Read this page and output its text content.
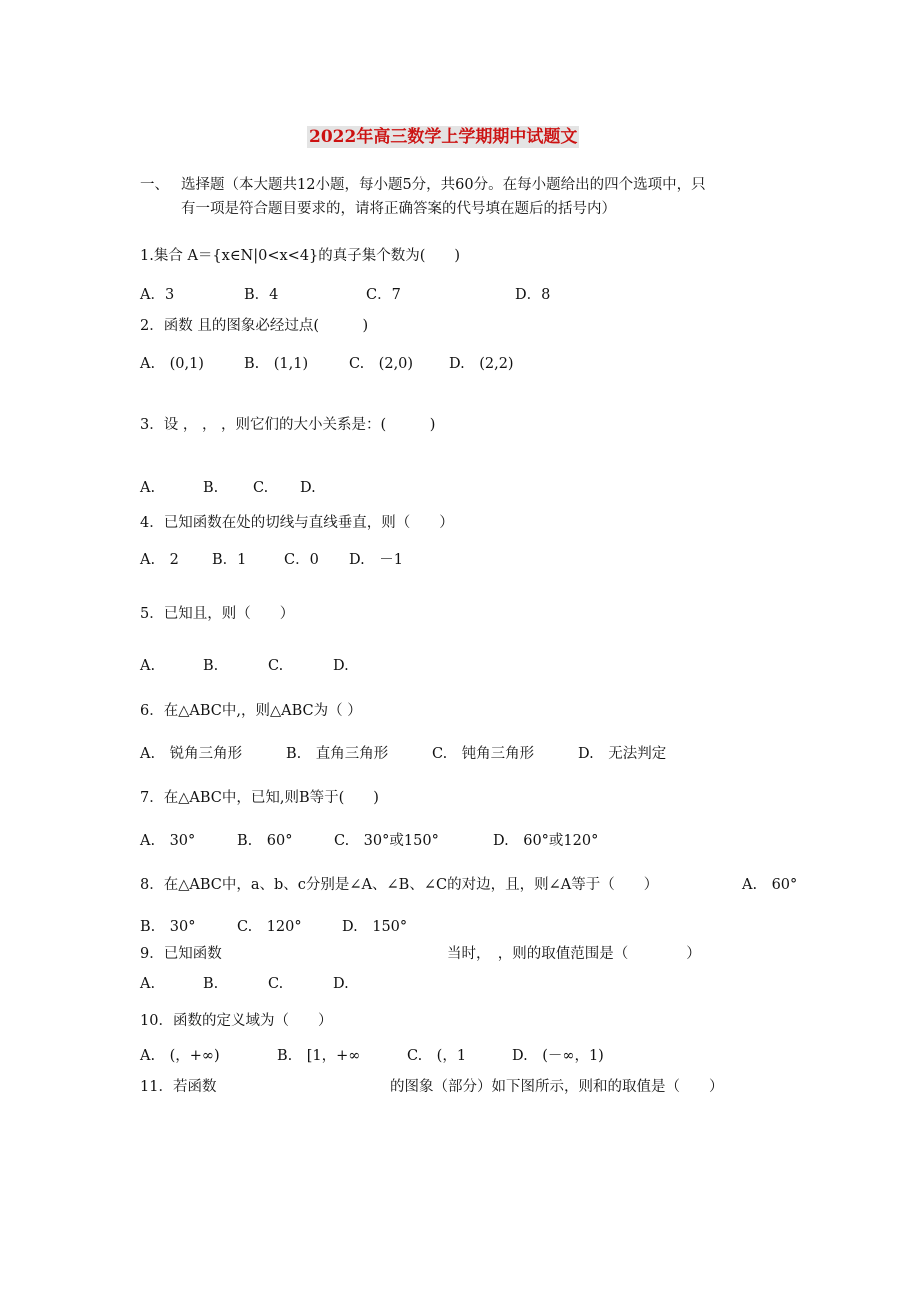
2022年高三数学上学期期中试题文
一、 选择题（本大题共12小题，每小题5分，共60分。在每小题给出的四个选项中，只
有一项是符合题目要求的，请将正确答案的代号填在题后的括号内）
1.集合 A＝{x∈N|0<x<4}的真子集个数为(　　)
A．3	B．4	C．7	D．8
2．函数 且的图象必经过点(　　　)
A.　(0,1)	B.　(1,1)	C.　(2,0) D.　(2,2)
3．设 ， ， ，则它们的大小关系是：(　　　)
A.	B. C. D.
4．已知函数在处的切线与直线垂直，则（　　）
A.　2 B．1	C．0 D.　－1
5．已知且，则（　　）
A.	B.	C.	D.
6．在△ABC中,，则△ABC为（ ）
A.　锐角三角形	B.　直角三角形	C.　钝角三角形	D.　无法判定
7．在△ABC中，已知,则B等于(　　)
A.　30°	B.　60°	C.　30°或150°	D.　60°或120°
8．在△ABC中，a、b、c分别是∠A、∠B、∠C的对边，且，则∠A等于（　　）	A.　60°
B.　30°	C.　120°	D.　150°
9．已知函数	当时，　，则的取值范围是（　　　　）
A.	B.	C.	D.
10．函数的定义域为（　　）
A.　(，+∞)	B.　[1，+∞	C.　(，1	D.　(－∞，1)
11．若函数	的图象（部分）如下图所示，则和的取值是（　　）
